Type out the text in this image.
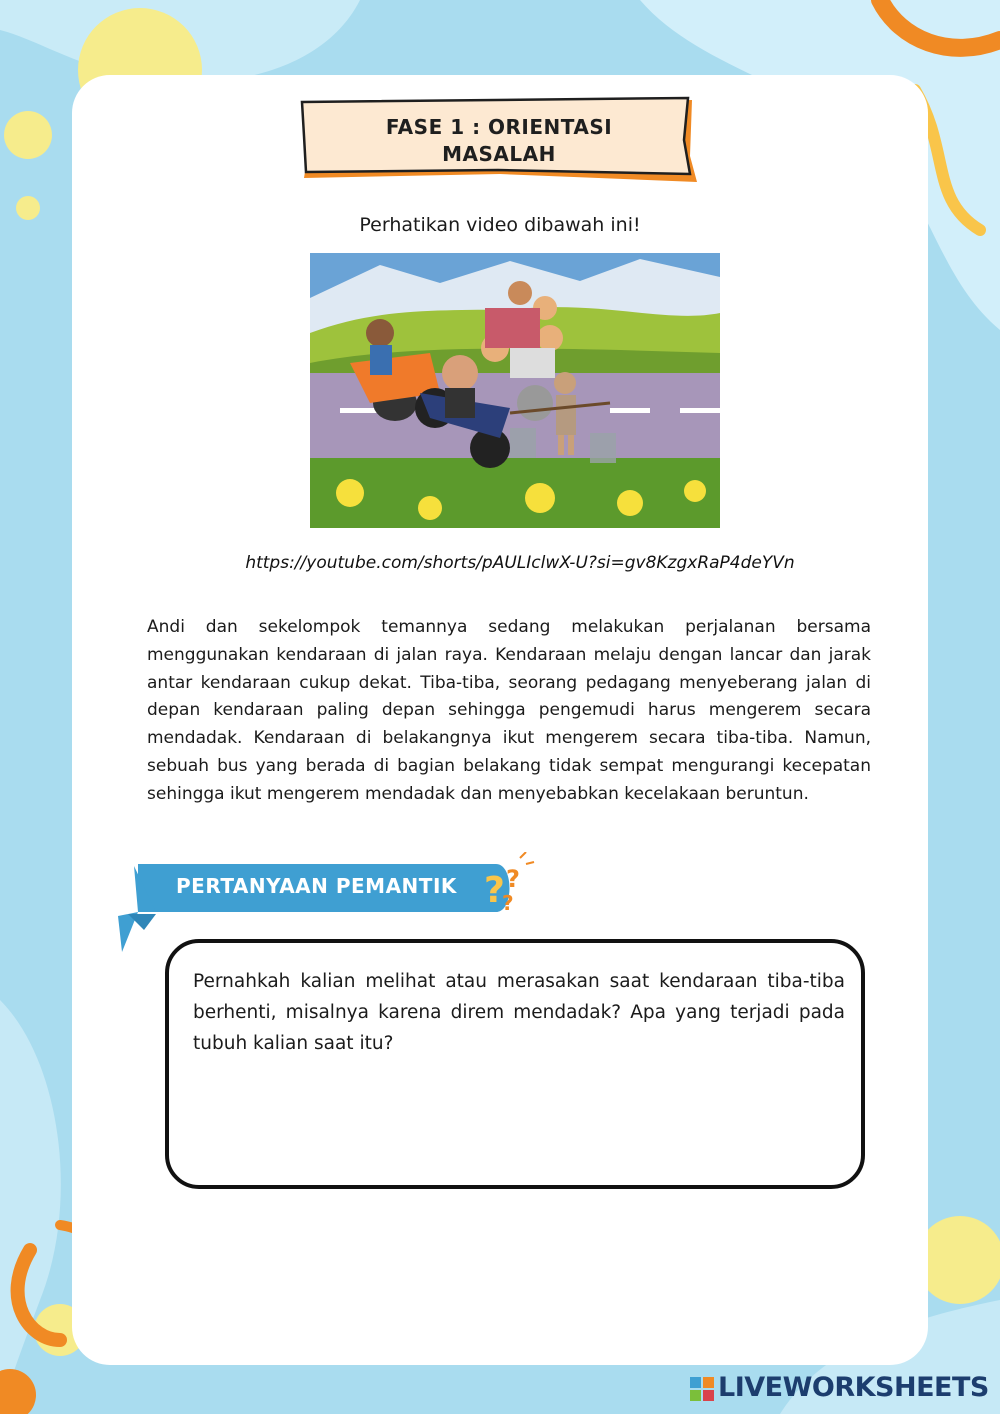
FASE 1 : ORIENTASI
MASALAH
Perhatikan video dibawah ini!
https://youtube.com/shorts/pAULIclwX-U?si=gv8KzgxRaP4deYVn

Andi dan sekelompok temannya sedang melakukan perjalanan bersama menggunakan kendaraan di jalan raya. Kendaraan melaju dengan lancar dan jarak antar kendaraan cukup dekat. Tiba-tiba, seorang pedagang menyeberang jalan di depan kendaraan paling depan sehingga pengemudi harus mengerem secara mendadak. Kendaraan di belakangnya ikut mengerem secara tiba-tiba. Namun, sebuah bus yang berada di bagian belakang tidak sempat mengurangi kecepatan sehingga ikut mengerem mendadak dan menyebabkan kecelakaan beruntun.

? ?
?
PERTANYAAN PEMANTIK

Pernahkah kalian melihat atau merasakan saat kendaraan tiba-tiba berhenti, misalnya karena direm mendadak? Apa yang terjadi pada tubuh kalian saat itu?

LIVEWORKSHEETS
